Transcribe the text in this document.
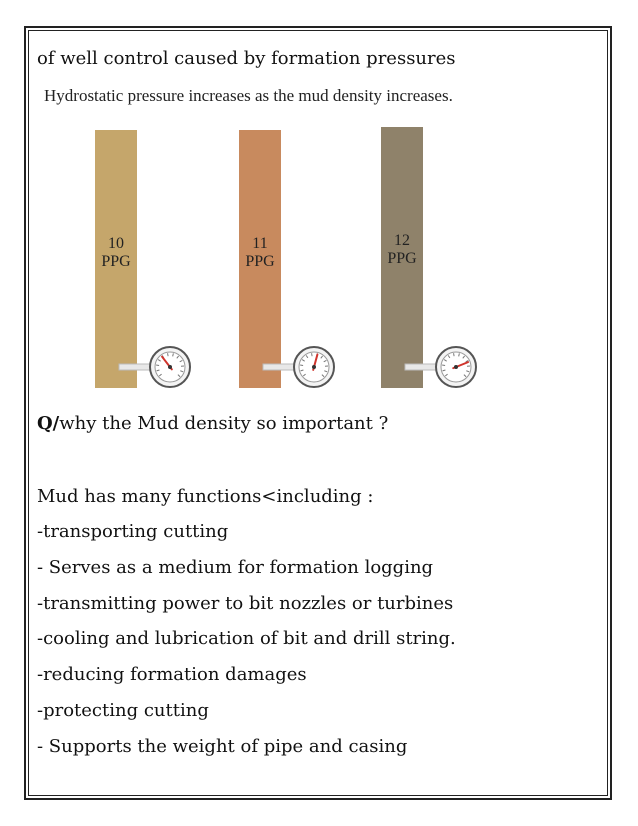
of well control caused by formation pressures

Hydrostatic pressure increases as the mud density increases.

10
PPG
11
PPG
12
PPG

Q/why the Mud density so important ?

Mud has many functions<including :

-transporting cutting

- Serves as a medium for formation logging

-transmitting power to bit nozzles or turbines

-cooling and lubrication of bit and drill string.

-reducing formation damages

-protecting cutting

- Supports the weight of pipe and casing
